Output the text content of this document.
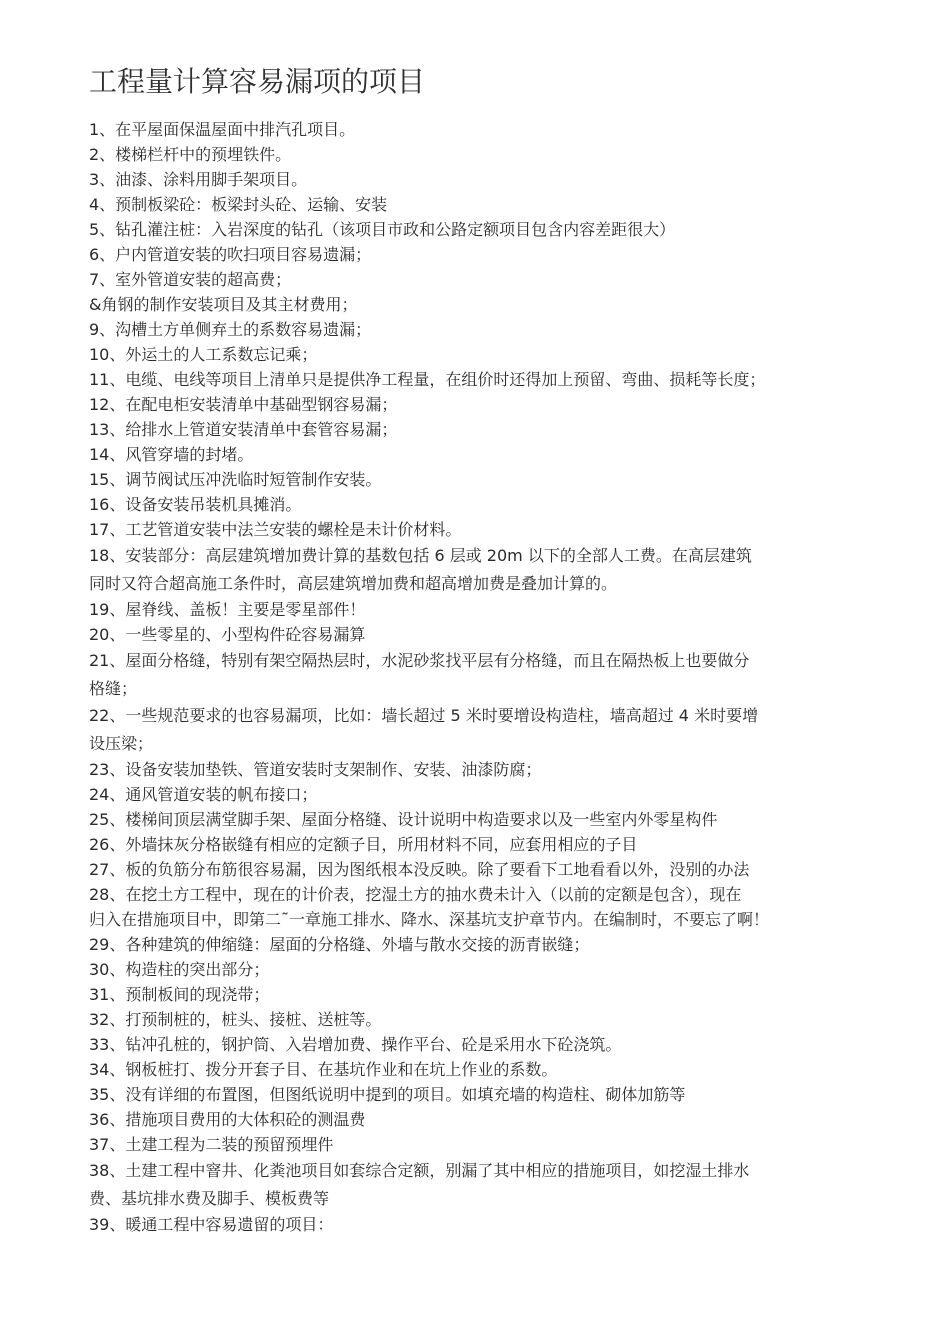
工程量计算容易漏项的项目
1、在平屋面保温屋面中排汽孔项目。
2、楼梯栏杆中的预埋铁件。
3、油漆、涂料用脚手架项目。
4、预制板梁砼：板梁封头砼、运输、安装
5、钻孔灌注桩：入岩深度的钻孔（该项目市政和公路定额项目包含内容差距很大）
6、户内管道安装的吹扫项目容易遗漏；
7、室外管道安装的超高费；
&角钢的制作安装项目及其主材费用；
9、沟槽土方单侧弃土的系数容易遗漏；
10、外运土的人工系数忘记乘；
11、电缆、电线等项目上清单只是提供净工程量，在组价时还得加上预留、弯曲、损耗等长度；
12、在配电柜安装清单中基础型钢容易漏；
13、给排水上管道安装清单中套管容易漏；
14、风管穿墙的封堵。
15、调节阀试压冲洗临时短管制作安装。
16、设备安装吊装机具摊消。
17、工艺管道安装中法兰安装的螺栓是未计价材料。
18、安装部分：高层建筑增加费计算的基数包括 6 层或 20m 以下的全部人工费。在高层建筑
同时又符合超高施工条件时，高层建筑增加费和超高增加费是叠加计算的。
19、屋脊线、盖板！主要是零星部件！
20、一些零星的、小型构件砼容易漏算
21、屋面分格缝，特别有架空隔热层时，水泥砂浆找平层有分格缝，而且在隔热板上也要做分
格缝；
22、一些规范要求的也容易漏项，比如：墙长超过 5 米时要增设构造柱，墙高超过 4 米时要增
设压梁；
23、设备安装加垫铁、管道安装时支架制作、安装、油漆防腐；
24、通风管道安装的帆布接口；
25、楼梯间顶层满堂脚手架、屋面分格缝、设计说明中构造要求以及一些室内外零星构件
26、外墙抹灰分格嵌缝有相应的定额子目，所用材料不同，应套用相应的子目
27、板的负筋分布筋很容易漏，因为图纸根本没反映。除了要看下工地看看以外，没别的办法
28、在挖土方工程中，现在的计价表，挖湿土方的抽水费未计入（以前的定额是包含），现在
归入在措施项目中，即第二˜一章施工排水、降水、深基坑支护章节内。在编制时，不要忘了啊！
29、各种建筑的伸缩缝：屋面的分格缝、外墙与散水交接的沥青嵌缝；
30、构造柱的突出部分；
31、预制板间的现浇带；
32、打预制桩的，桩头、接桩、送桩等。
33、钻冲孔桩的，钢护筒、入岩增加费、操作平台、砼是采用水下砼浇筑。
34、钢板桩打、拨分开套子目、在基坑作业和在坑上作业的系数。
35、没有详细的布置图，但图纸说明中提到的项目。如填充墙的构造柱、砌体加筋等
36、措施项目费用的大体积砼的测温费
37、土建工程为二装的预留预埋件
38、土建工程中窨井、化粪池项目如套综合定额，别漏了其中相应的措施项目，如挖湿土排水
费、基坑排水费及脚手、模板费等
39、暖通工程中容易遗留的项目：
